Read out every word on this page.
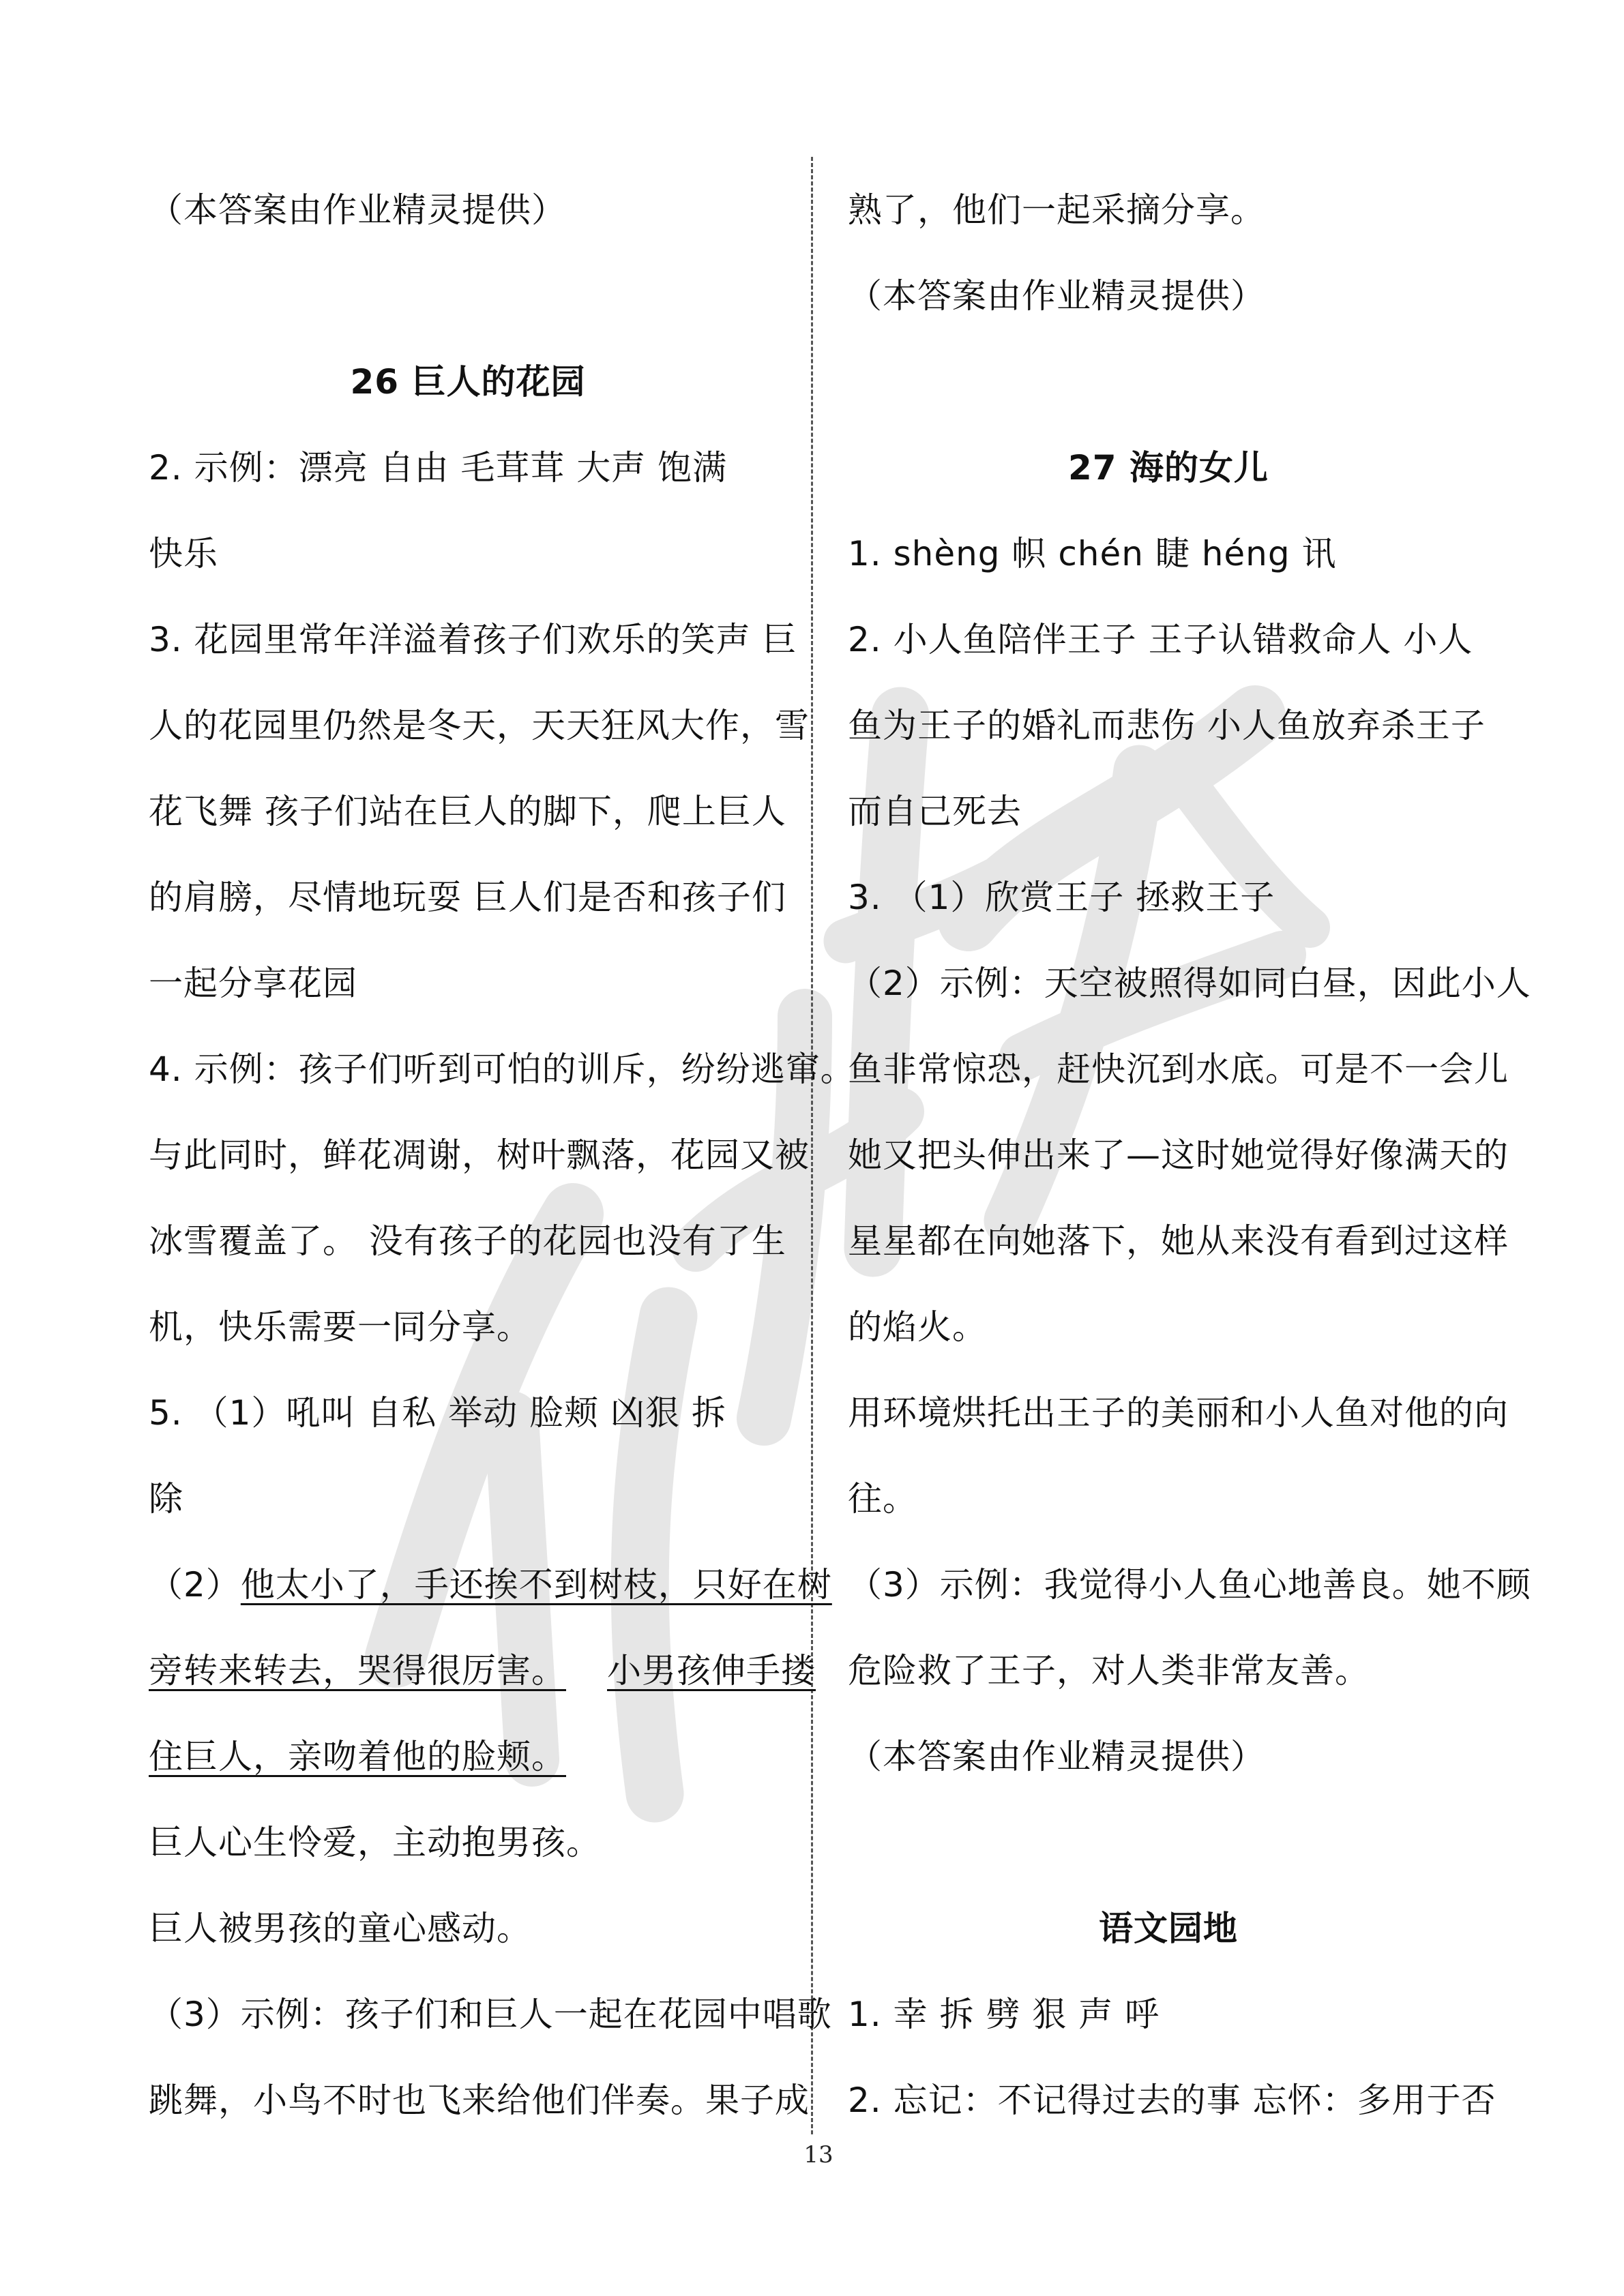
（本答案由作业精灵提供）
26 巨人的花园
2. 示例：漂亮 自由 毛茸茸 大声 饱满
快乐
3. 花园里常年洋溢着孩子们欢乐的笑声 巨
人的花园里仍然是冬天，天天狂风大作，雪
花飞舞 孩子们站在巨人的脚下，爬上巨人
的肩膀，尽情地玩耍 巨人们是否和孩子们
一起分享花园
4. 示例：孩子们听到可怕的训斥，纷纷逃窜。
与此同时，鲜花凋谢，树叶飘落，花园又被
冰雪覆盖了。 没有孩子的花园也没有了生
机，快乐需要一同分享。
5. （1）吼叫 自私 举动 脸颊 凶狠 拆
除
（2）他太小了，手还挨不到树枝，只好在树
旁转来转去，哭得很厉害。 小男孩伸手搂
住巨人，亲吻着他的脸颊。
巨人心生怜爱，主动抱男孩。
巨人被男孩的童心感动。
（3）示例：孩子们和巨人一起在花园中唱歌
跳舞，小鸟不时也飞来给他们伴奏。果子成
熟了，他们一起采摘分享。
（本答案由作业精灵提供）
27 海的女儿
1. shèng 帜 chén 睫 héng 讯
2. 小人鱼陪伴王子 王子认错救命人 小人
鱼为王子的婚礼而悲伤 小人鱼放弃杀王子
而自己死去
3. （1）欣赏王子 拯救王子
（2）示例：天空被照得如同白昼，因此小人
鱼非常惊恐，赶快沉到水底。可是不一会儿
她又把头伸出来了—这时她觉得好像满天的
星星都在向她落下，她从来没有看到过这样
的焰火。
用环境烘托出王子的美丽和小人鱼对他的向
往。
（3）示例：我觉得小人鱼心地善良。她不顾
危险救了王子，对人类非常友善。
（本答案由作业精灵提供）
语文园地
1. 幸 拆 劈 狠 声 呼
2. 忘记：不记得过去的事 忘怀：多用于否
13
